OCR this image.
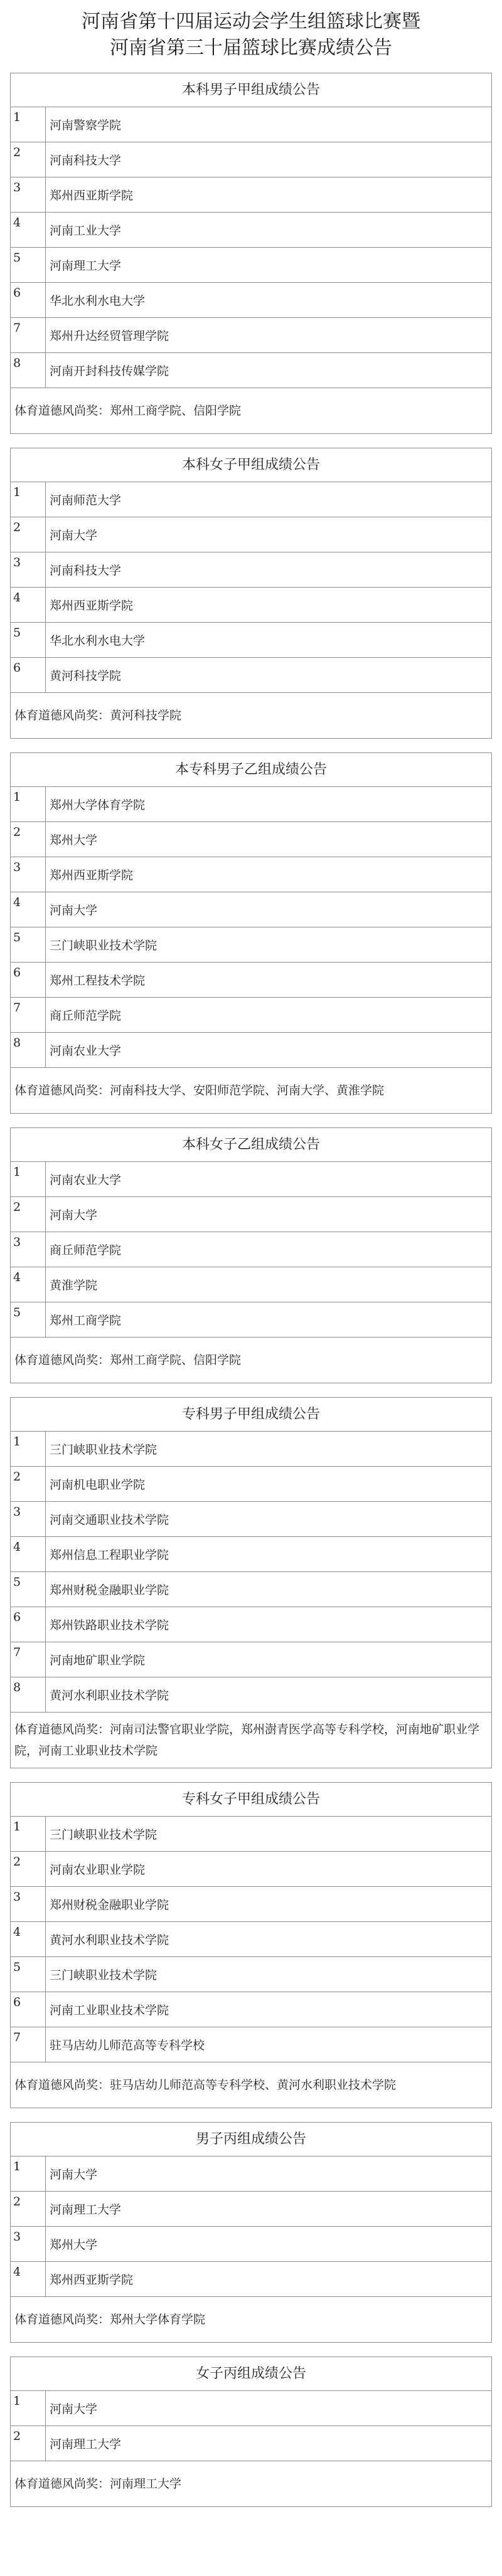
河南省第十四届运动会学生组篮球比赛暨
河南省第三十届篮球比赛成绩公告
本科男子甲组成绩公告
1
河南警察学院
2
河南科技大学
3
郑州西亚斯学院
4
河南工业大学
5
河南理工大学
6
华北水利水电大学
7
郑州升达经贸管理学院
8
河南开封科技传媒学院
体育道德风尚奖：郑州工商学院、信阳学院
本科女子甲组成绩公告
1
河南师范大学
2
河南大学
3
河南科技大学
4
郑州西亚斯学院
5
华北水利水电大学
6
黄河科技学院
体育道德风尚奖：黄河科技学院
本专科男子乙组成绩公告
1
郑州大学体育学院
2
郑州大学
3
郑州西亚斯学院
4
河南大学
5
三门峡职业技术学院
6
郑州工程技术学院
7
商丘师范学院
8
河南农业大学
体育道德风尚奖：河南科技大学、安阳师范学院、河南大学、黄淮学院
本科女子乙组成绩公告
1
河南农业大学
2
河南大学
3
商丘师范学院
4
黄淮学院
5
郑州工商学院
体育道德风尚奖：郑州工商学院、信阳学院
专科男子甲组成绩公告
1
三门峡职业技术学院
2
河南机电职业学院
3
河南交通职业技术学院
4
郑州信息工程职业学院
5
郑州财税金融职业学院
6
郑州铁路职业技术学院
7
河南地矿职业学院
8
黄河水利职业技术学院
体育道德风尚奖：河南司法警官职业学院，郑州澍青医学高等专科学校，河南地矿职业学院，河南工业职业技术学院
专科女子甲组成绩公告
1
三门峡职业技术学院
2
河南农业职业学院
3
郑州财税金融职业学院
4
黄河水利职业技术学院
5
三门峡职业技术学院
6
河南工业职业技术学院
7
驻马店幼儿师范高等专科学校
体育道德风尚奖：驻马店幼儿师范高等专科学校、黄河水利职业技术学院
男子丙组成绩公告
1
河南大学
2
河南理工大学
3
郑州大学
4
郑州西亚斯学院
体育道德风尚奖：郑州大学体育学院
女子丙组成绩公告
1
河南大学
2
河南理工大学
体育道德风尚奖：河南理工大学
